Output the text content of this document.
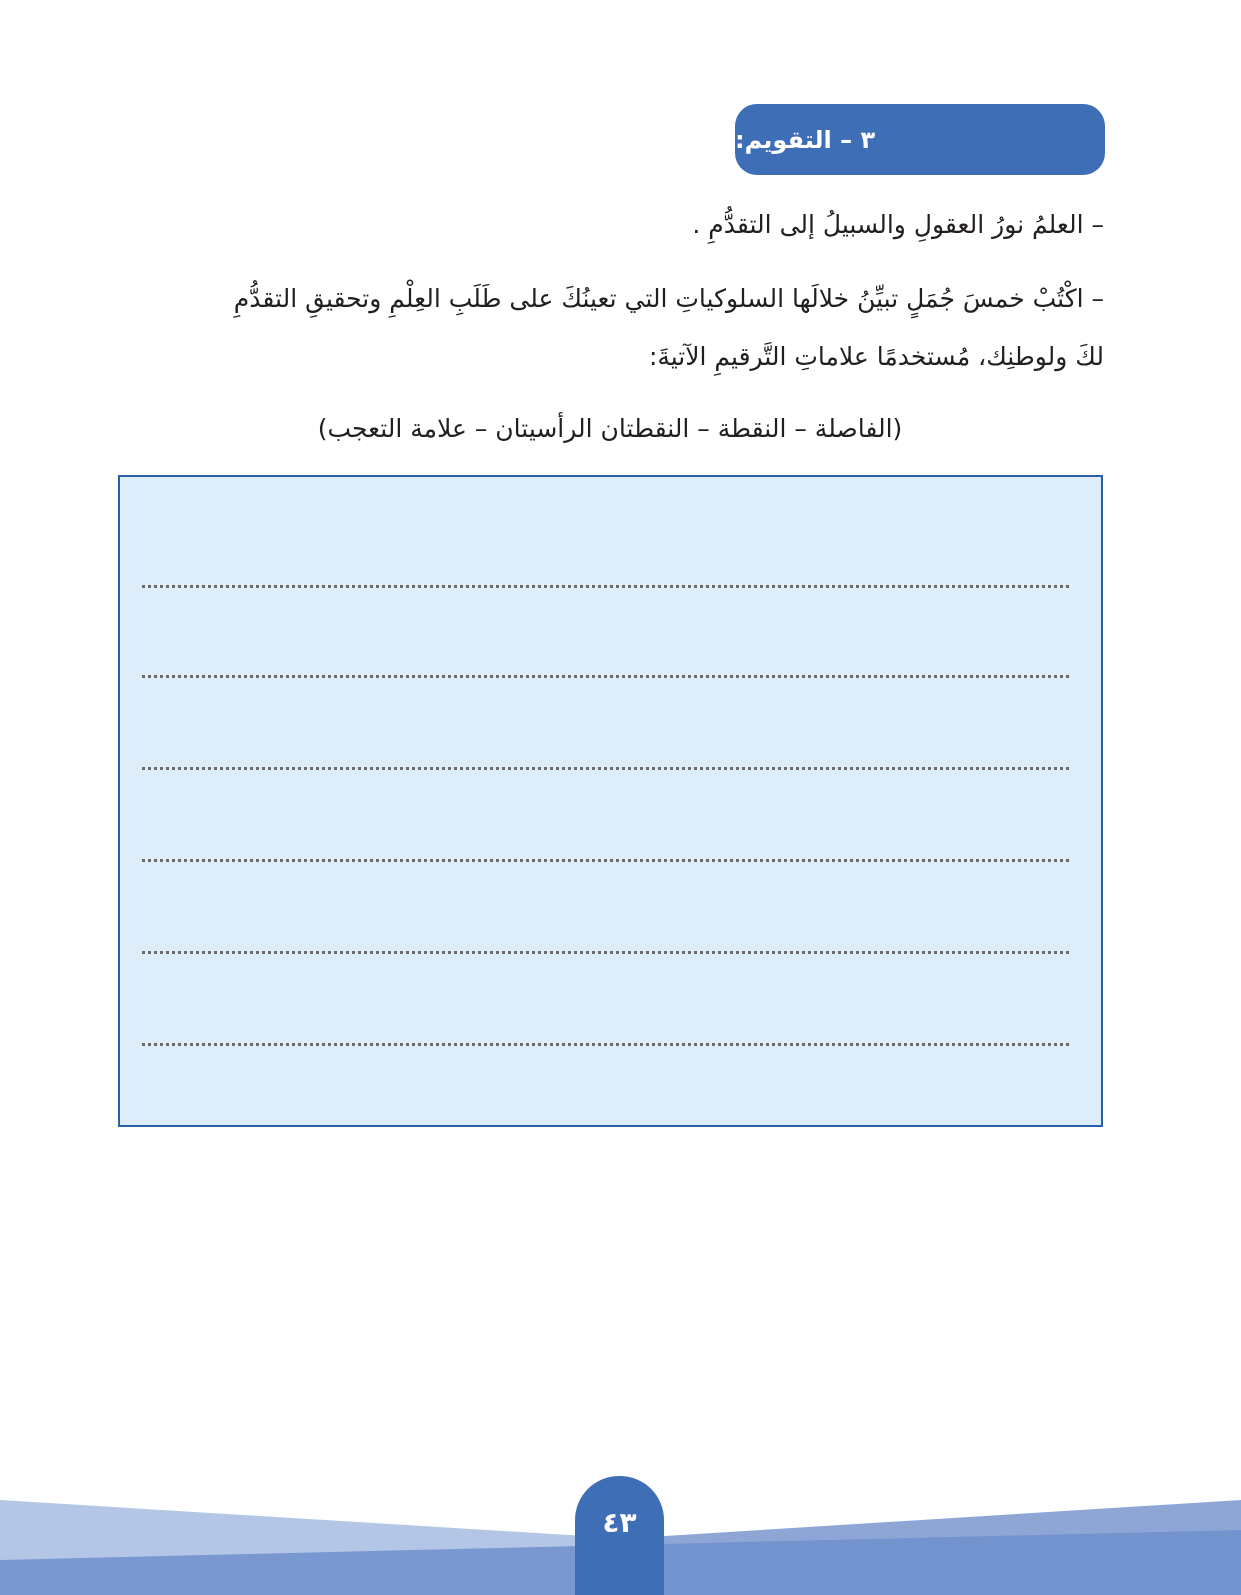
٣ – التقويم:
– العلمُ نورُ العقولِ والسبيلُ إلى التقدُّمِ .
– اكْتُبْ خمسَ جُمَلٍ تبيِّنُ خلالَها السلوكياتِ التي تعينُكَ على طَلَبِ العِلْمِ وتحقيقِ التقدُّمِ
لكَ ولوطنِك، مُستخدمًا علاماتِ التَّرقيمِ الآتيةَ:
(الفاصلة – النقطة – النقطتان الرأسيتان – علامة التعجب)
٤٣
